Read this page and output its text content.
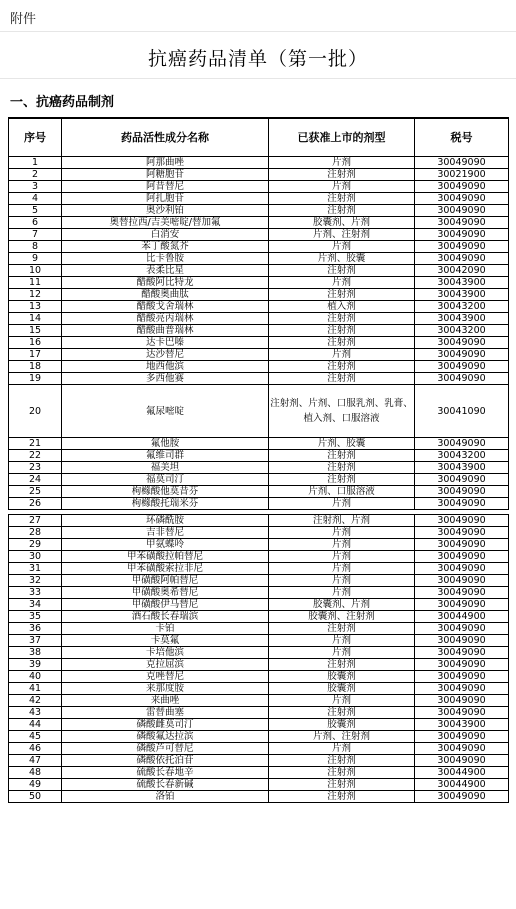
附件
抗癌药品清单（第一批）
一、抗癌药品制剂
序号	药品活性成分名称	已获准上市的剂型	税号
1	阿那曲唑	片剂	30049090
2	阿糖胞苷	注射剂	30021900
3	阿昔替尼	片剂	30049090
4	阿扎胞苷	注射剂	30049090
5	奥沙利铂	注射剂	30049090
6	奥替拉西/吉美嘧啶/替加氟	胶囊剂、片剂	30049090
7	白消安	片剂、注射剂	30049090
8	苯丁酸氮芥	片剂	30049090
9	比卡鲁胺	片剂、胶囊	30049090
10	表柔比星	注射剂	30042090
11	醋酸阿比特龙	片剂	30043900
12	醋酸奥曲肽	注射剂	30043900
13	醋酸戈舍瑞林	植入剂	30043200
14	醋酸亮丙瑞林	注射剂	30043900
15	醋酸曲普瑞林	注射剂	30043200
16	达卡巴嗪	注射剂	30049090
17	达沙替尼	片剂	30049090
18	地西他滨	注射剂	30049090
19	多西他赛	注射剂	30049090
20	氟尿嘧啶	注射剂、片剂、口服乳剂、乳膏、植入剂、口服溶液	30041090
21	氟他胺	片剂、胶囊	30049090
22	氟维司群	注射剂	30043200
23	福美坦	注射剂	30043900
24	福莫司汀	注射剂	30049090
25	枸橼酸他莫昔芬	片剂、口服溶液	30049090
26	枸橼酸托瑞米芬	片剂	30049090

27	环磷酰胺	注射剂、片剂	30049090
28	吉非替尼	片剂	30049090
29	甲氨蝶呤	片剂	30049090
30	甲苯磺酸拉帕替尼	片剂	30049090
31	甲苯磺酸索拉非尼	片剂	30049090
32	甲磺酸阿帕替尼	片剂	30049090
33	甲磺酸奥希替尼	片剂	30049090
34	甲磺酸伊马替尼	胶囊剂、片剂	30049090
35	酒石酸长春瑞滨	胶囊剂、注射剂	30044900
36	卡铂	注射剂	30049090
37	卡莫氟	片剂	30049090
38	卡培他滨	片剂	30049090
39	克拉屈滨	注射剂	30049090
40	克唑替尼	胶囊剂	30049090
41	来那度胺	胶囊剂	30049090
42	来曲唑	片剂	30049090
43	雷替曲塞	注射剂	30049090
44	磷酸雌莫司汀	胶囊剂	30043900
45	磷酸氟达拉滨	片剂、注射剂	30049090
46	磷酸芦可替尼	片剂	30049090
47	磷酸依托泊苷	注射剂	30049090
48	硫酸长春地辛	注射剂	30044900
49	硫酸长春新碱	注射剂	30044900
50	洛铂	注射剂	30049090
